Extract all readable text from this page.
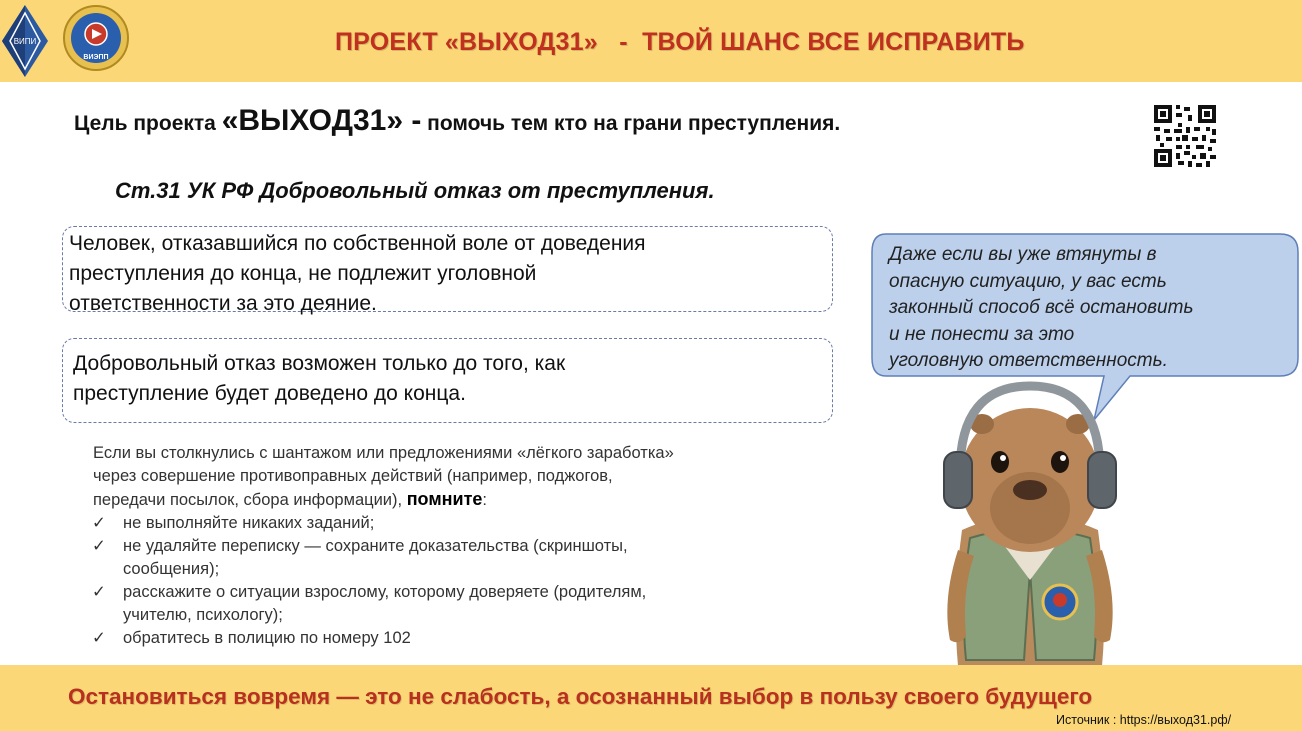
ВИПИ
ВИЭПП
ПРОЕКТ «ВЫХОД31»   -  ТВОЙ ШАНС ВСЕ ИСПРАВИТЬ
Цель проекта «ВЫХОД31» - помочь тем кто на грани преступления.
Ст.31 УК РФ Добровольный отказ от преступления.
Человек, отказавшийся по собственной воле от доведения
преступления до конца, не подлежит уголовной
ответственности за это деяние.
Добровольный отказ возможен только до того, как
преступление будет доведено до конца.
Если вы столкнулись с шантажом или предложениями «лёгкого заработка»
через совершение противоправных действий (например, поджогов,
передачи посылок, сбора информации), помните:
✓ не выполняйте никаких заданий;
✓ не удаляйте переписку — сохраните доказательства (скриншоты,
сообщения);
✓ расскажите о ситуации взрослому, которому доверяете (родителям,
учителю, психологу);
✓ обратитесь в полицию по номеру 102
Даже если вы уже втянуты в
опасную ситуацию, у вас есть
законный способ всё остановить
и не понести за это
уголовную ответственность.
Остановиться вовремя — это не слабость, а осознанный выбор в пользу своего будущего
Источник : https://выход31.рф/
